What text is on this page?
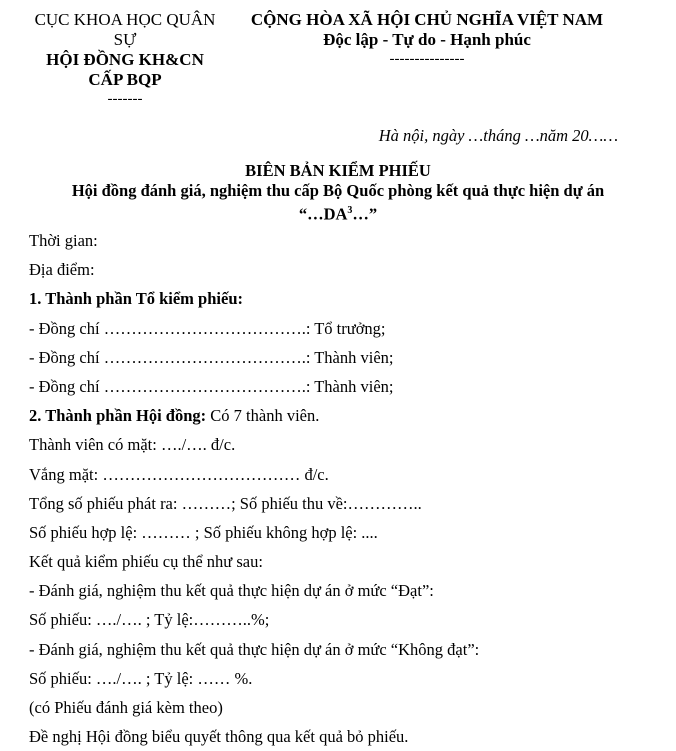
CỤC KHOA HỌC QUÂN
SỰ
HỘI ĐỒNG KH&CN
CẤP BQP
-------
CỘNG HÒA XÃ HỘI CHỦ NGHĨA VIỆT NAM
Độc lập - Tự do - Hạnh phúc
---------------
Hà nội, ngày …tháng …năm 20……
BIÊN BẢN KIỂM PHIẾU
Hội đồng đánh giá, nghiệm thu cấp Bộ Quốc phòng kết quả thực hiện dự án
“$\dots DA^3\dots$”
Thời gian:
Địa điểm:
1. Thành phần Tổ kiểm phiếu:
- Đồng chí ……………………………….: Tổ trưởng;
- Đồng chí ……………………………….: Thành viên;
- Đồng chí ……………………………….: Thành viên;
2. Thành phần Hội đồng: Có 7 thành viên.
Thành viên có mặt: …./…. đ/c.
Vắng mặt: ……………………………… đ/c.
Tổng số phiếu phát ra: ………; Số phiếu thu về:…………..
Số phiếu hợp lệ: ……… ; Số phiếu không hợp lệ: ....
Kết quả kiểm phiếu cụ thể như sau:
- Đánh giá, nghiệm thu kết quả thực hiện dự án ở mức “Đạt”:
Số phiếu: …./…. ; Tỷ lệ:………..%;
- Đánh giá, nghiệm thu kết quả thực hiện dự án ở mức “Không đạt”:
Số phiếu: …./…. ; Tỷ lệ: …… %.
(có Phiếu đánh giá kèm theo)
Đề nghị Hội đồng biểu quyết thông qua kết quả bỏ phiếu.
